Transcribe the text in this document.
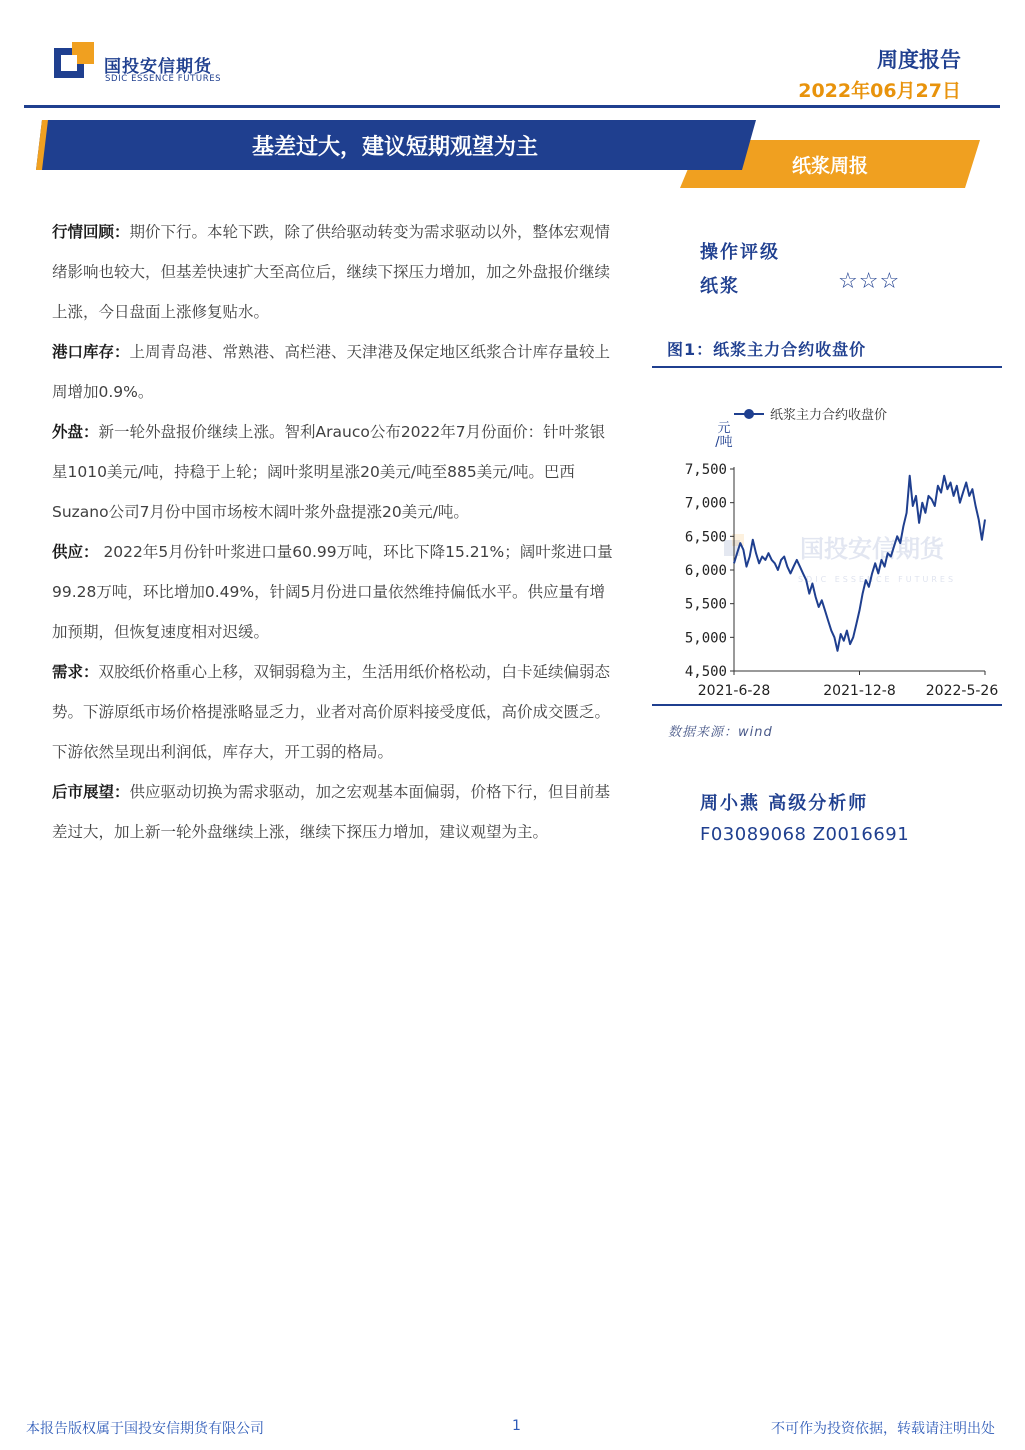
国投安信期货
SDIC ESSENCE FUTURES
周度报告
2022年06月27日
基差过大，建议短期观望为主
纸浆周报

行情回顾：期价下行。本轮下跌，除了供给驱动转变为需求驱动以外，整体宏观情绪影响也较大，但基差快速扩大至高位后，继续下探压力增加，加之外盘报价继续上涨，今日盘面上涨修复贴水。

港口库存：上周青岛港、常熟港、高栏港、天津港及保定地区纸浆合计库存量较上周增加0.9%。

外盘：新一轮外盘报价继续上涨。智利Arauco公布2022年7月份面价：针叶浆银星1010美元/吨，持稳于上轮；阔叶浆明星涨20美元/吨至885美元/吨。巴西Suzano公司7月份中国市场桉木阔叶浆外盘提涨20美元/吨。

供应： 2022年5月份针叶浆进口量60.99万吨，环比下降15.21%；阔叶浆进口量99.28万吨，环比增加0.49%，针阔5月份进口量依然维持偏低水平。供应量有增加预期，但恢复速度相对迟缓。

需求：双胶纸价格重心上移，双铜弱稳为主，生活用纸价格松动，白卡延续偏弱态势。下游原纸市场价格提涨略显乏力，业者对高价原料接受度低，高价成交匮乏。下游依然呈现出利润低，库存大，开工弱的格局。

后市展望：供应驱动切换为需求驱动，加之宏观基本面偏弱，价格下行，但目前基差过大，加上新一轮外盘继续上涨，继续下探压力增加，建议观望为主。

操作评级
纸浆	☆☆☆
图1：纸浆主力合约收盘价
国投安信期货
SDIC ESSENCE FUTURES
7,500
7,000
6,500
6,000
5,500
5,000
4,500
2021-6-28	2021-12-8 2022-5-26
元
/吨
纸浆主力合约收盘价
数据来源：wind
周小燕 高级分析师
F03089068 Z0016691
本报告版权属于国投安信期货有限公司	1	不可作为投资依据，转载请注明出处
